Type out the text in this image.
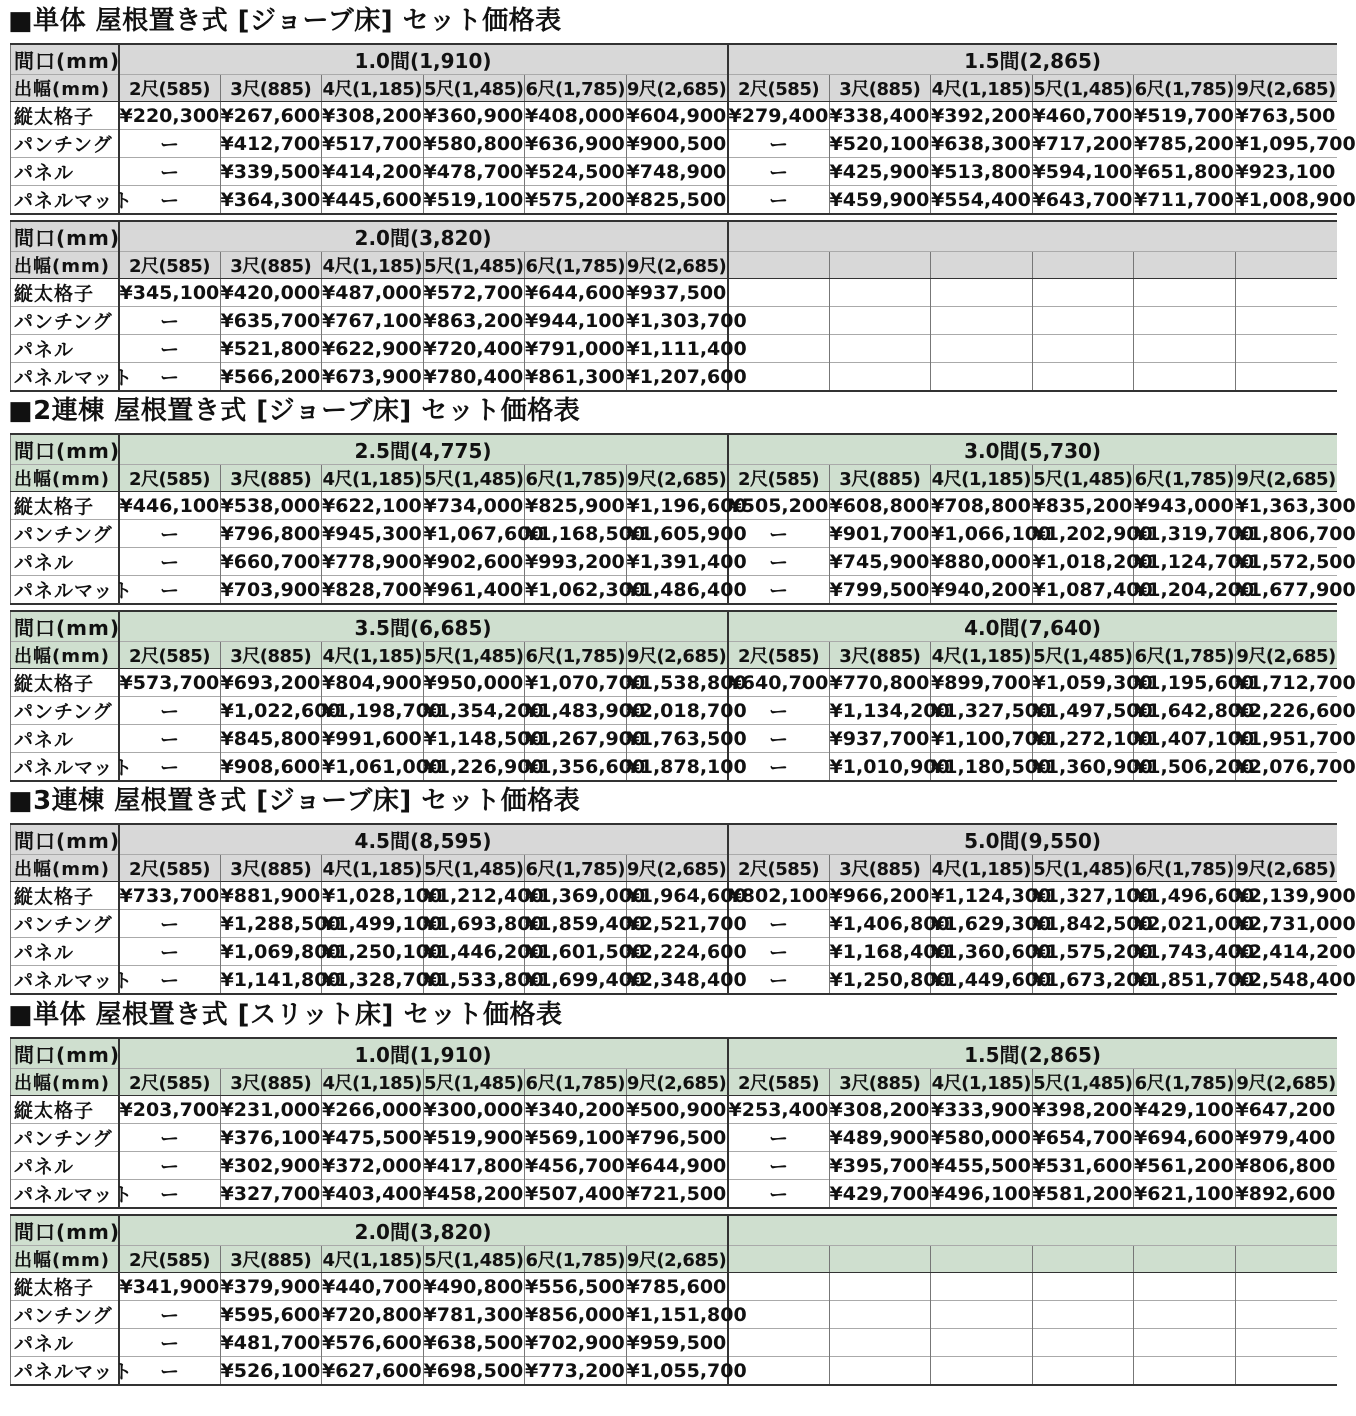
■単体 屋根置き式 [ジョーブ床] セット価格表
間口(mm)	1.0間(1,910)						1.5間(2,865)					
出幅(mm)	2尺(585)	3尺(885)	4尺(1,185)	5尺(1,485)	6尺(1,785)	9尺(2,685)	2尺(585)	3尺(885)	4尺(1,185)	5尺(1,485)	6尺(1,785)	9尺(2,685)
縦太格子	¥220,300	¥267,600	¥308,200	¥360,900	¥408,000	¥604,900	¥279,400	¥338,400	¥392,200	¥460,700	¥519,700	¥763,500
パンチング	ー	¥412,700	¥517,700	¥580,800	¥636,900	¥900,500	ー	¥520,100	¥638,300	¥717,200	¥785,200	¥1,095,700
パネル	ー	¥339,500	¥414,200	¥478,700	¥524,500	¥748,900	ー	¥425,900	¥513,800	¥594,100	¥651,800	¥923,100
パネルマット	ー	¥364,300	¥445,600	¥519,100	¥575,200	¥825,500	ー	¥459,900	¥554,400	¥643,700	¥711,700	¥1,008,900
間口(mm)	2.0間(3,820)											
出幅(mm)	2尺(585)	3尺(885)	4尺(1,185)	5尺(1,485)	6尺(1,785)	9尺(2,685)						
縦太格子	¥345,100	¥420,000	¥487,000	¥572,700	¥644,600	¥937,500						
パンチング	ー	¥635,700	¥767,100	¥863,200	¥944,100	¥1,303,700						
パネル	ー	¥521,800	¥622,900	¥720,400	¥791,000	¥1,111,400						
パネルマット	ー	¥566,200	¥673,900	¥780,400	¥861,300	¥1,207,600						
■2連棟 屋根置き式 [ジョーブ床] セット価格表
間口(mm)	2.5間(4,775)						3.0間(5,730)					
出幅(mm)	2尺(585)	3尺(885)	4尺(1,185)	5尺(1,485)	6尺(1,785)	9尺(2,685)	2尺(585)	3尺(885)	4尺(1,185)	5尺(1,485)	6尺(1,785)	9尺(2,685)
縦太格子	¥446,100	¥538,000	¥622,100	¥734,000	¥825,900	¥1,196,600	¥505,200	¥608,800	¥708,800	¥835,200	¥943,000	¥1,363,300
パンチング	ー	¥796,800	¥945,300	¥1,067,600	¥1,168,500	¥1,605,900	ー	¥901,700	¥1,066,100	¥1,202,900	¥1,319,700	¥1,806,700
パネル	ー	¥660,700	¥778,900	¥902,600	¥993,200	¥1,391,400	ー	¥745,900	¥880,000	¥1,018,200	¥1,124,700	¥1,572,500
パネルマット	ー	¥703,900	¥828,700	¥961,400	¥1,062,300	¥1,486,400	ー	¥799,500	¥940,200	¥1,087,400	¥1,204,200	¥1,677,900
間口(mm)	3.5間(6,685)						4.0間(7,640)					
出幅(mm)	2尺(585)	3尺(885)	4尺(1,185)	5尺(1,485)	6尺(1,785)	9尺(2,685)	2尺(585)	3尺(885)	4尺(1,185)	5尺(1,485)	6尺(1,785)	9尺(2,685)
縦太格子	¥573,700	¥693,200	¥804,900	¥950,000	¥1,070,700	¥1,538,800	¥640,700	¥770,800	¥899,700	¥1,059,300	¥1,195,600	¥1,712,700
パンチング	ー	¥1,022,600	¥1,198,700	¥1,354,200	¥1,483,900	¥2,018,700	ー	¥1,134,200	¥1,327,500	¥1,497,500	¥1,642,800	¥2,226,600
パネル	ー	¥845,800	¥991,600	¥1,148,500	¥1,267,900	¥1,763,500	ー	¥937,700	¥1,100,700	¥1,272,100	¥1,407,100	¥1,951,700
パネルマット	ー	¥908,600	¥1,061,000	¥1,226,900	¥1,356,600	¥1,878,100	ー	¥1,010,900	¥1,180,500	¥1,360,900	¥1,506,200	¥2,076,700
■3連棟 屋根置き式 [ジョーブ床] セット価格表
間口(mm)	4.5間(8,595)						5.0間(9,550)					
出幅(mm)	2尺(585)	3尺(885)	4尺(1,185)	5尺(1,485)	6尺(1,785)	9尺(2,685)	2尺(585)	3尺(885)	4尺(1,185)	5尺(1,485)	6尺(1,785)	9尺(2,685)
縦太格子	¥733,700	¥881,900	¥1,028,100	¥1,212,400	¥1,369,000	¥1,964,600	¥802,100	¥966,200	¥1,124,300	¥1,327,100	¥1,496,600	¥2,139,900
パンチング	ー	¥1,288,500	¥1,499,100	¥1,693,800	¥1,859,400	¥2,521,700	ー	¥1,406,800	¥1,629,300	¥1,842,500	¥2,021,000	¥2,731,000
パネル	ー	¥1,069,800	¥1,250,100	¥1,446,200	¥1,601,500	¥2,224,600	ー	¥1,168,400	¥1,360,600	¥1,575,200	¥1,743,400	¥2,414,200
パネルマット	ー	¥1,141,800	¥1,328,700	¥1,533,800	¥1,699,400	¥2,348,400	ー	¥1,250,800	¥1,449,600	¥1,673,200	¥1,851,700	¥2,548,400
■単体 屋根置き式 [スリット床] セット価格表
間口(mm)	1.0間(1,910)						1.5間(2,865)					
出幅(mm)	2尺(585)	3尺(885)	4尺(1,185)	5尺(1,485)	6尺(1,785)	9尺(2,685)	2尺(585)	3尺(885)	4尺(1,185)	5尺(1,485)	6尺(1,785)	9尺(2,685)
縦太格子	¥203,700	¥231,000	¥266,000	¥300,000	¥340,200	¥500,900	¥253,400	¥308,200	¥333,900	¥398,200	¥429,100	¥647,200
パンチング	ー	¥376,100	¥475,500	¥519,900	¥569,100	¥796,500	ー	¥489,900	¥580,000	¥654,700	¥694,600	¥979,400
パネル	ー	¥302,900	¥372,000	¥417,800	¥456,700	¥644,900	ー	¥395,700	¥455,500	¥531,600	¥561,200	¥806,800
パネルマット	ー	¥327,700	¥403,400	¥458,200	¥507,400	¥721,500	ー	¥429,700	¥496,100	¥581,200	¥621,100	¥892,600
間口(mm)	2.0間(3,820)											
出幅(mm)	2尺(585)	3尺(885)	4尺(1,185)	5尺(1,485)	6尺(1,785)	9尺(2,685)						
縦太格子	¥341,900	¥379,900	¥440,700	¥490,800	¥556,500	¥785,600						
パンチング	ー	¥595,600	¥720,800	¥781,300	¥856,000	¥1,151,800						
パネル	ー	¥481,700	¥576,600	¥638,500	¥702,900	¥959,500						
パネルマット	ー	¥526,100	¥627,600	¥698,500	¥773,200	¥1,055,700						
